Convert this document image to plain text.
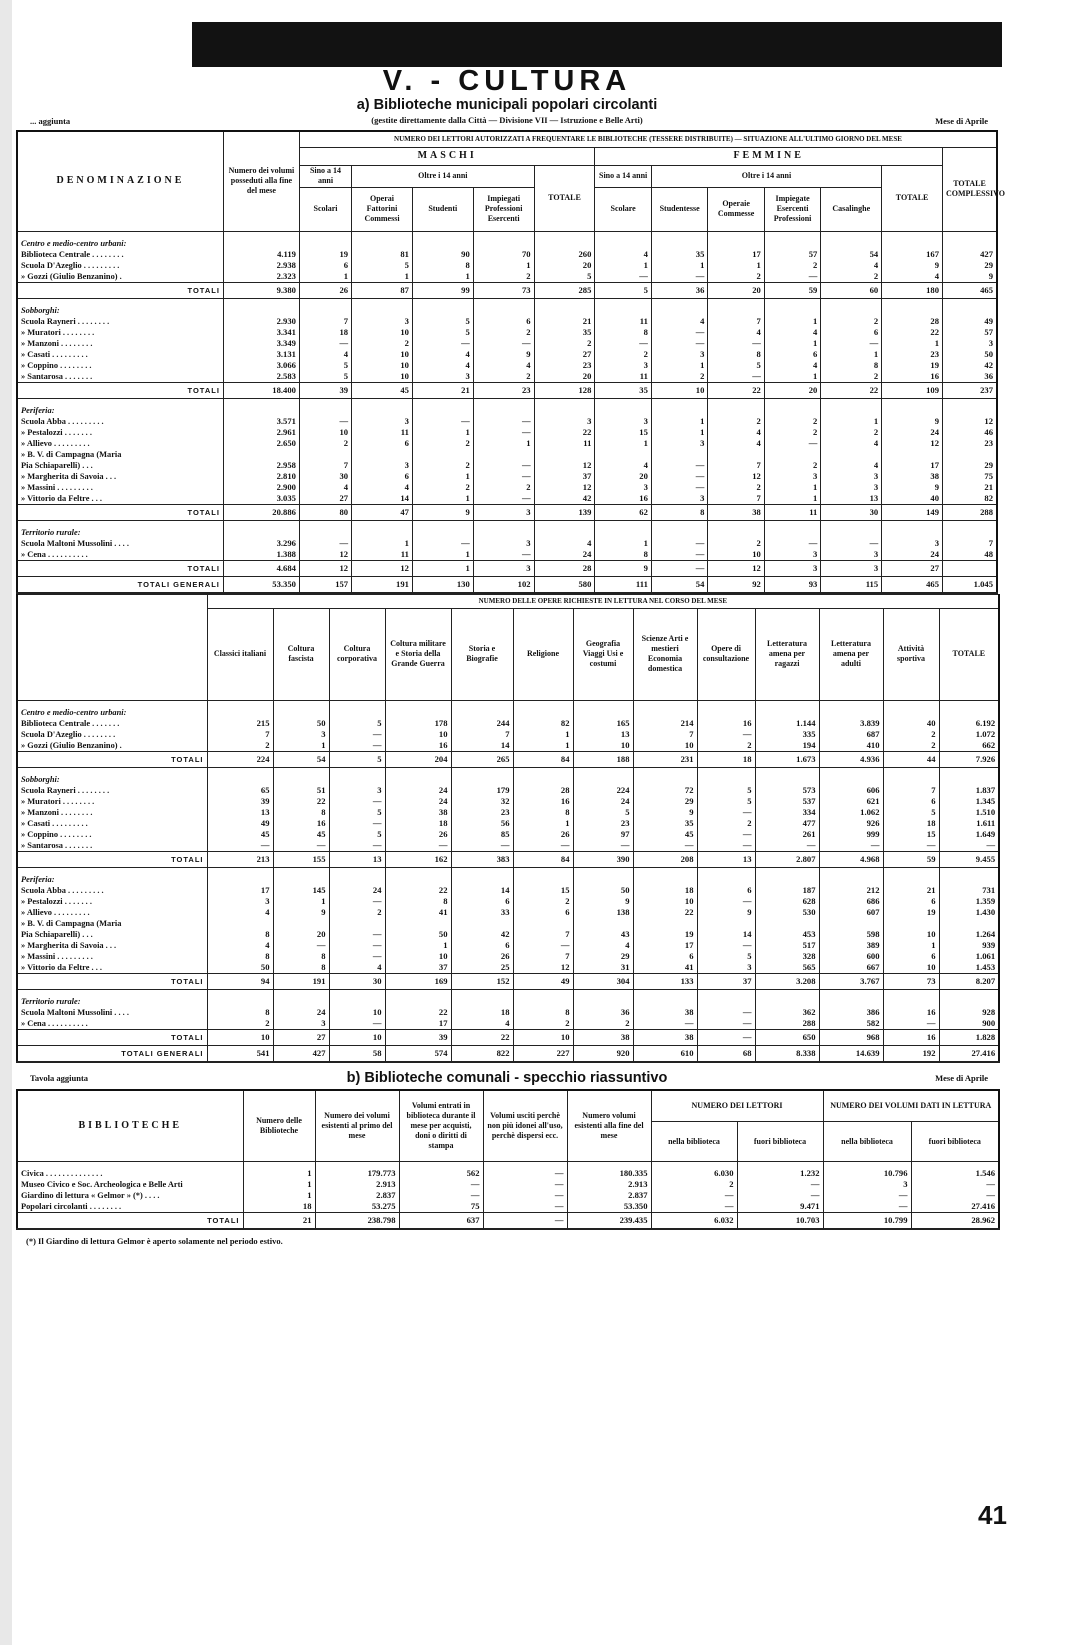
V. - CULTURA
a) Biblioteche municipali popolari circolanti
... aggiunta	(gestite direttamente dalla Città — Divisione VII — Istruzione e Belle Arti)	Mese di Aprile
DENOMINAZIONE	Numero dei volumi posseduti alla fine del mese	NUMERO DEI LETTORI AUTORIZZATI A FREQUENTARE LE BIBLIOTECHE (TESSERE DISTRIBUITE) — SITUAZIONE ALL'ULTIMO GIORNO DEL MESE											
		MASCHI					FEMMINE						TOTALE COMPLESSIVO
		Sino a 14 anni	Oltre i 14 anni			TOTALE	Sino a 14 anni	Oltre i 14 anni				TOTALE	
		Scolari	Operai Fattorini Commessi	Studenti	Impiegati Professioni Esercenti		Scolare	Studentesse	Operaie Commesse	Impiegate Esercenti Professioni	Casalinghe		

Centro e medio-centro urbani:													
Biblioteca Centrale . . . . . . . .	4.119	19	81	90	70	260	4	35	17	57	54	167	427
Scuola D'Azeglio . . . . . . . . .	2.938	6	5	8	1	20	1	1	1	2	4	9	29
» Gozzi (Giulio Benzanino) .	2.323	1	1	1	2	5	—	—	2	—	2	4	9
TOTALI	9.380	26	87	99	73	285	5	36	20	59	60	180	465

Sobborghi:													
Scuola Rayneri . . . . . . . .	2.930	7	3	5	6	21	11	4	7	1	2	28	49
» Muratori . . . . . . . .	3.341	18	10	5	2	35	8	—	4	4	6	22	57
» Manzoni . . . . . . . .	3.349	—	2	—	—	2	—	—	—	1	—	1	3
» Casati . . . . . . . . .	3.131	4	10	4	9	27	2	3	8	6	1	23	50
» Coppino . . . . . . . .	3.066	5	10	4	4	23	3	1	5	4	8	19	42
» Santarosa . . . . . . .	2.583	5	10	3	2	20	11	2	—	1	2	16	36
TOTALI	18.400	39	45	21	23	128	35	10	22	20	22	109	237

Periferia:													
Scuola Abba . . . . . . . . .	3.571	—	3	—	—	3	3	1	2	2	1	9	12
» Pestalozzi . . . . . . .	2.961	10	11	1	—	22	15	1	4	2	2	24	46
» Allievo . . . . . . . . .	2.650	2	6	2	1	11	1	3	4	—	4	12	23
» B. V. di Campagna (Maria													
Pia Schiaparelli) . . .	2.958	7	3	2	—	12	4	—	7	2	4	17	29
» Margherita di Savoia . . .	2.810	30	6	1	—	37	20	—	12	3	3	38	75
» Massini . . . . . . . . .	2.900	4	4	2	2	12	3	—	2	1	3	9	21
» Vittorio da Feltre . . .	3.035	27	14	1	—	42	16	3	7	1	13	40	82
TOTALI	20.886	80	47	9	3	139	62	8	38	11	30	149	288

Territorio rurale:													
Scuola Maltoni Mussolini . . . .	3.296	—	1	—	3	4	1	—	2	—	—	3	7
» Cena . . . . . . . . . .	1.388	12	11	1	—	24	8	—	10	3	3	24	48
TOTALI	4.684	12	12	1	3	28	9	—	12	3	3	27	
TOTALI GENERALI	53.350	157	191	130	102	580	111	54	92	93	115	465	1.045
	NUMERO DELLE OPERE RICHIESTE IN LETTURA NEL CORSO DEL MESE												
	Classici italiani	Coltura fascista	Coltura corporativa	Coltura militare e Storia della Grande Guerra	Storia e Biografie	Religione	Geografia Viaggi Usi e costumi	Scienze Arti e mestieri Economia domestica	Opere di consultazione	Letteratura amena per ragazzi	Letteratura amena per adulti	Attività sportiva	TOTALE

Centro e medio-centro urbani:													
Biblioteca Centrale . . . . . . .	215	50	5	178	244	82	165	214	16	1.144	3.839	40	6.192
Scuola D'Azeglio . . . . . . . .	7	3	—	10	7	1	13	7	—	335	687	2	1.072
» Gozzi (Giulio Benzanino) .	2	1	—	16	14	1	10	10	2	194	410	2	662
TOTALI	224	54	5	204	265	84	188	231	18	1.673	4.936	44	7.926

Sobborghi:													
Scuola Rayneri . . . . . . . .	65	51	3	24	179	28	224	72	5	573	606	7	1.837
» Muratori . . . . . . . .	39	22	—	24	32	16	24	29	5	537	621	6	1.345
» Manzoni . . . . . . . .	13	8	5	38	23	8	5	9	—	334	1.062	5	1.510
» Casati . . . . . . . . .	49	16	—	18	56	1	23	35	2	477	926	18	1.611
» Coppino . . . . . . . .	45	45	5	26	85	26	97	45	—	261	999	15	1.649
» Santarosa . . . . . . .	—	—	—	—	—	—	—	—	—	—	—	—	—
TOTALI	213	155	13	162	383	84	390	208	13	2.807	4.968	59	9.455

Periferia:													
Scuola Abba . . . . . . . . .	17	145	24	22	14	15	50	18	6	187	212	21	731
» Pestalozzi . . . . . . .	3	1	—	8	6	2	9	10	—	628	686	6	1.359
» Allievo . . . . . . . . .	4	9	2	41	33	6	138	22	9	530	607	19	1.430
» B. V. di Campagna (Maria													
Pia Schiaparelli) . . .	8	20	—	50	42	7	43	19	14	453	598	10	1.264
» Margherita di Savoia . . .	4	—	—	1	6	—	4	17	—	517	389	1	939
» Massini . . . . . . . . .	8	8	—	10	26	7	29	6	5	328	600	6	1.061
» Vittorio da Feltre . . .	50	8	4	37	25	12	31	41	3	565	667	10	1.453
TOTALI	94	191	30	169	152	49	304	133	37	3.208	3.767	73	8.207

Territorio rurale:													
Scuola Maltoni Mussolini . . . .	8	24	10	22	18	8	36	38	—	362	386	16	928
» Cena . . . . . . . . . .	2	3	—	17	4	2	2	—	—	288	582	—	900
TOTALI	10	27	10	39	22	10	38	38	—	650	968	16	1.828
TOTALI GENERALI	541	427	58	574	822	227	920	610	68	8.338	14.639	192	27.416
Tavola aggiunta	b) Biblioteche comunali - specchio riassuntivo	Mese di Aprile
BIBLIOTECHE	Numero delle Biblioteche	Numero dei volumi esistenti al primo del mese	Volumi entrati in biblioteca durante il mese per acquisti, doni o diritti di stampa	Volumi usciti perchè non più idonei all'uso, perchè dispersi ecc.	Numero volumi esistenti alla fine del mese	NUMERO DEI LETTORI		NUMERO DEI VOLUMI DATI IN LETTURA	
						nella biblioteca	fuori biblioteca	nella biblioteca	fuori biblioteca

Civica . . . . . . . . . . . . . .	1	179.773	562	—	180.335	6.030	1.232	10.796	1.546
Museo Civico e Soc. Archeologica e Belle Arti	1	2.913	—	—	2.913	2	—	3	—
Giardino di lettura « Gelmor » (*) . . . .	1	2.837	—	—	2.837	—	—	—	—
Popolari circolanti . . . . . . . .	18	53.275	75	—	53.350	—	9.471	—	27.416
TOTALI	21	238.798	637	—	239.435	6.032	10.703	10.799	28.962
(*) Il Giardino di lettura Gelmor è aperto solamente nel periodo estivo.
41
